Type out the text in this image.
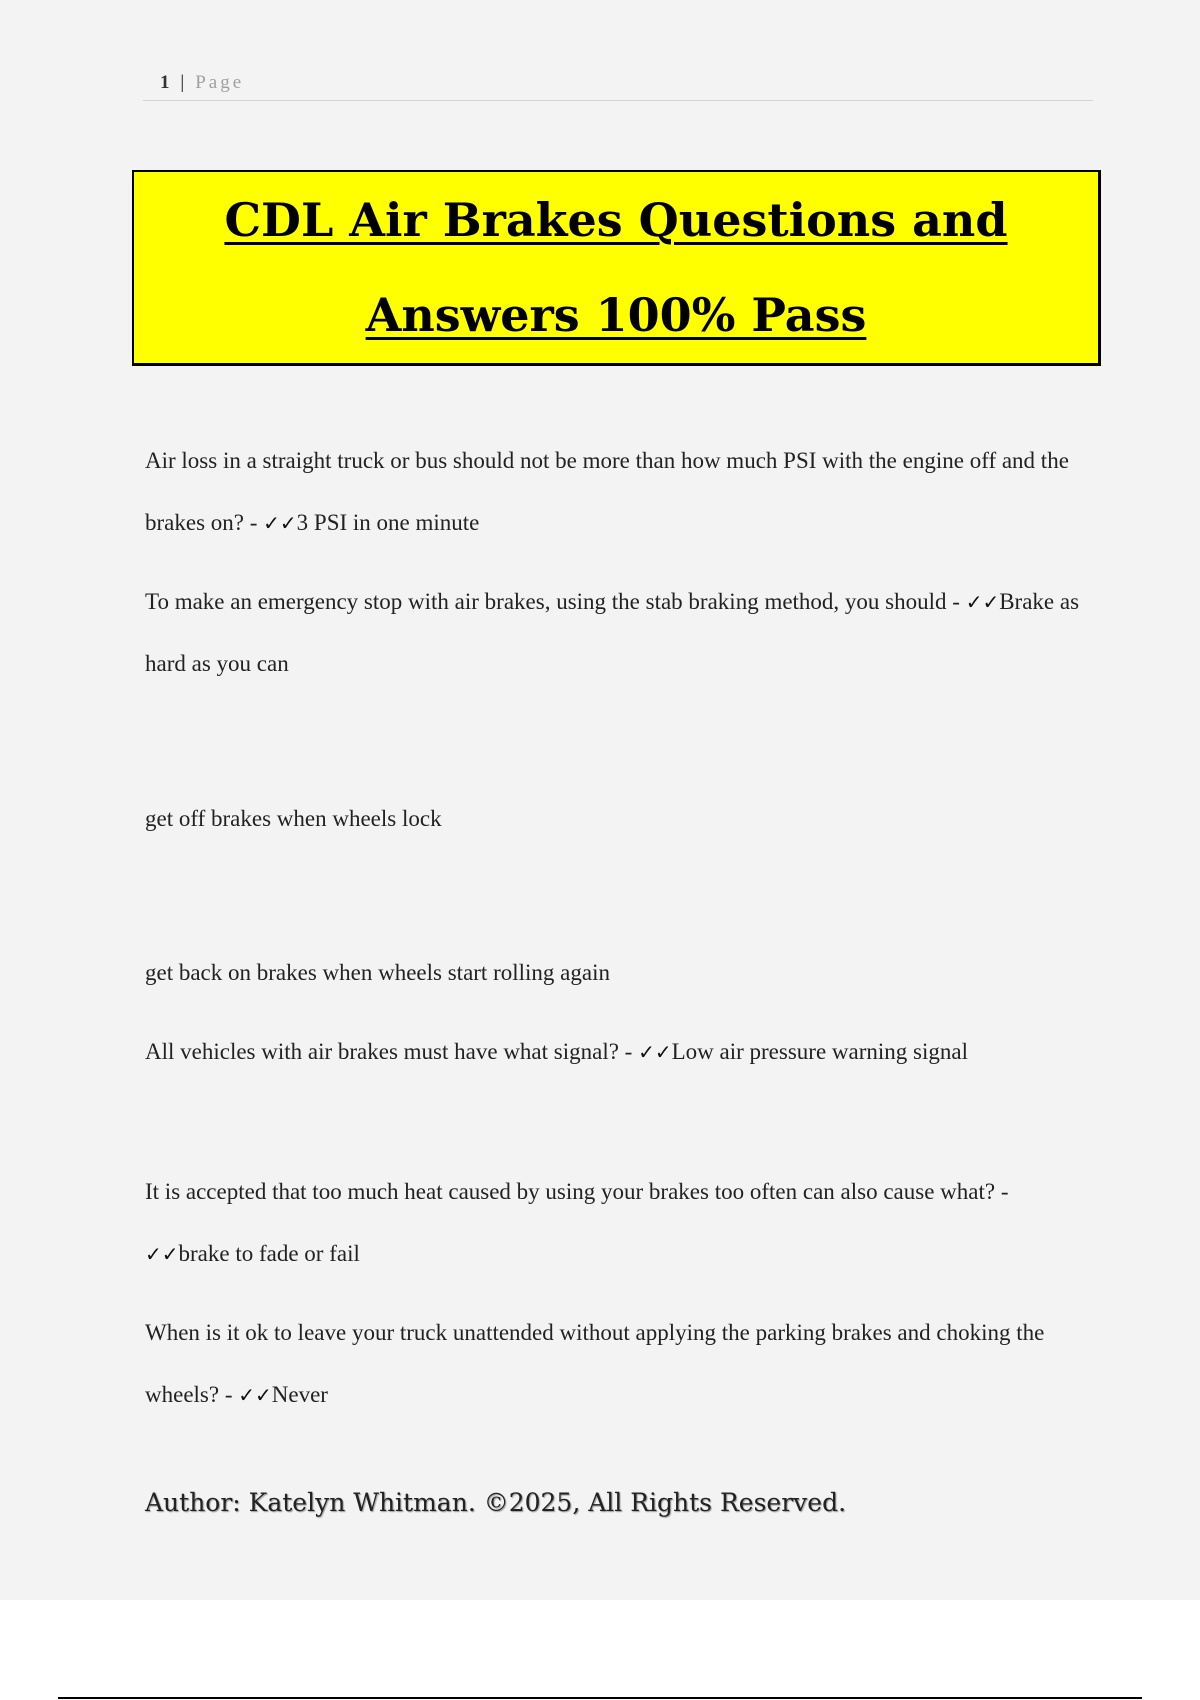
1 | Page
CDL Air Brakes Questions and
Answers 100% Pass
Air loss in a straight truck or bus should not be more than how much PSI with the engine off and the brakes on? - ✓✓3 PSI in one minute
To make an emergency stop with air brakes, using the stab braking method, you should - ✓✓Brake as hard as you can
get off brakes when wheels lock
get back on brakes when wheels start rolling again
All vehicles with air brakes must have what signal? - ✓✓Low air pressure warning signal
It is accepted that too much heat caused by using your brakes too often can also cause what? - ✓✓brake to fade or fail
When is it ok to leave your truck unattended without applying the parking brakes and choking the wheels? - ✓✓Never
Author: Katelyn Whitman. ©2025, All Rights Reserved.
